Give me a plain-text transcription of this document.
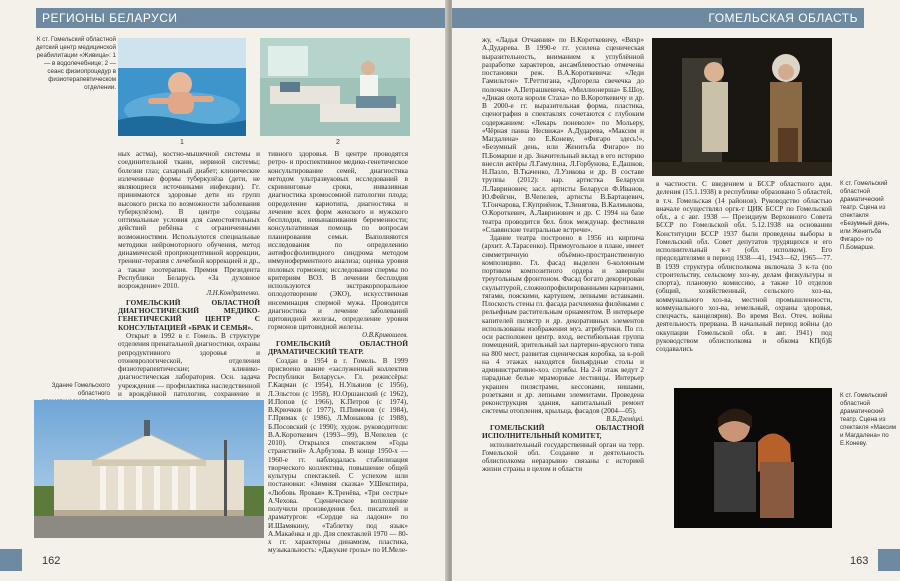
РЕГИОНЫ БЕЛАРУСИ
К ст. Гомельский областной детский центр медицинской реабилитации «Живица»: 1 — в водолечебнице; 2 — сеанс физиопроцедур в физиотерапевтическом отделении.
1	2

ных астма), костно-мышечной системы и соединительной ткани, нервной системы; болезни глаз; сахарный диабет; клинические излеченные формы туберкулёза (дети, не являющиеся источниками инфекции). Гг. принимаются здоровые дети из групп высокого риска по возможности заболевания туберкулёзом). В центре созданы оптимальные условия для самостоятельных действий ребёнка с ограниченными возможностями. Используются специальные методики нейромоторного обучения, метод динамической проприоцептивной коррекции, тренинг-терапия с лечебной коррекцией и др., а также зоотерапия. Премия Президента Республики Беларусь «За духовное возрождение» 2010.

Л.Н.Кондратенко.

ГОМЕЛЬСКИЙ ОБЛАСТНОЙ ДИАГНОСТИЧЕСКИЙ МЕДИКО-ГЕНЕТИЧЕСКИЙ ЦЕНТР С КОНСУЛЬТАЦИЕЙ «БРАК И СЕМЬЯ».

Открыт в 1992 в г. Гомель. В структуре отделения пренатальной диагностики, охраны репродуктивного здоровья и отоневрологической, отделения физиотерапевтические; клинико-диагностическая лаборатория. Осн. задача учреждения — профилактика наследственной и врождённой патологии, сохранение и

тивного здоровья. В центре проводятся ретро- и проспективное медико-генетическое консультирование семей, диагностика методом ультразвуковых исследований в скрининговые сроки, инвазивная диагностика хромосомной патологии плода; определение кариотипа, диагностика и лечение всех форм женского и мужского бесплодия, невынашивания беременности; консультативная помощь по вопросам планирования семьи. Выполняются исследования по определению антифосфолипидного синдрома методом иммуноферментного анализа; оценка уровня половых гормонов; исследования спермы по критериям ВОЗ. В лечении бесплодия используются экстракорпоральное оплодотворение (ЭКО), искусственная инсеминация спермой мужа. Проводится диагностика и лечение заболеваний щитовидной железы, определение уровня гормонов щитовидной железы.

О.В.Кривошеев.

ГОМЕЛЬСКИЙ ОБЛАСТНОЙ ДРАМАТИЧЕСКИЙ ТЕАТР.

Создан в 1954 в г. Гомель. В 1999 присвоено звание «заслуженный коллектив Республики Беларусь». Гл. режиссёры: Г.Кацман (с 1954), Н.Ульянов (с 1956), Л.Эльстон (с 1958), Ю.Оршанский (с 1962), И.Попов (с 1966), К.Петров (с 1974), В.Крючков (с 1977), П.Пименов (с 1984), Г.Примак (с 1986), Л.Монакова (с 1988), Б.Посовский (с 1990); худож. руководители: В.А.Короткевич (1993—99), В.Чепелев (с 2010). Открылся спектаклем «Годы странствий» А.Арбузова. В конце 1950-х — 1960-е гг. наблюдалась стабилизация творческого коллектива, повышение общей культуры спектаклей. С успехом шли постановки: «Зимняя сказка» У.Шекспира, «Любовь Яровая» К.Тренёва, «Три сестры» А.Чехова. Сценическое воплощение получили произведения бел. писателей и драматургов: «Сердце на ладони» по И.Шамякину, «Таблетку под язык» А.Макаёнка и др. Для спектаклей 1970 — 80-х гг. характерны динамизм, пластика, музыкальность: «Дакукие грозы» по И.Меле-

Здание Гомельского областного
162
ГОМЕЛЬСКАЯ ОБЛАСТЬ

жу, «Ладья Отчаяния» по В.Короткевичу, «Вяхр» А.Дударева. В 1990-е гг. усилена сценическая выразительность, вниманием к углублённой разработке характеров, ансамблевостью отмечены постановки реж. В.А.Короткевича: «Леди Гамильтон» Т.Реттиганa, «Догорела свечечка до полочки» А.Петрашкевича, «Миллионерша» Б.Шоу, «Дикая охота короля Стаха» по В.Короткевичу и др. В 2000-е гг. выразительная форма, пластика, сценография в спектаклях сочетаются с глубоким содержанием: «Лекарь поневоле» по Мольеру, «Чёрная панна Несвижа» А.Дударева, «Максим и Магдалена» по Е.Коневу, «Фигаро здесь!», «Безумный день, или Женитьба Фигаро» по П.Бомарше и др. Значительный вклад в его историю внесли актёры Л.Гамулина, Л.Горбунова, Е.Дашков, Н.Пазло, В.Ткаченко, Л.Узикова и др. В составе труппы (2012): нар. артистка Беларуси Л.Лавринович; засл. артисты Беларуси Ф.Иванов, Ю.Фейгин, В.Чепелев, артисты В.Бартацевич, Т.Гончарова, Г.Куприёнок, Т.Зинягова, В.Калмыкова, О.Короткевич, А.Лавринович и др. С 1994 на базе театра проводится бел. блок междунар. фестиваля «Славянские театральные встречи».

Здание театра построено в 1956 из кирпича (архит. А.Тарасенко). Прямоугольное в плане, имеет симметричную объёмно-пространственную композицию. Гл. фасад выделен 6-колонным портиком композитного ордера и завершён треугольным фронтоном. Фасад богато декорирован скульптурой, сложнопрофилированными карнизами, тягами, пояскими, картушем, лепными вставками. Плоскость стены гл. фасада расчленена филёнками с рельефным растительным орнаментом. В интерьере капителей пилястр и др. декоративных элементов использованы изображения муз. атрибутики. По гл. оси расположен центр. вход, вестибюльная группа помещений, зрительный зал партерно-ярусного типа на 800 мест, развитая сценическая коробка, за к-рой на 4 этажах находятся бильярдные столы и административно-хоз. службы. На 2-й этаж ведут 2 парадные белые мраморные лестницы. Интерьер украшен пилястрами, кессонами, нишами, розетками и др. лепными элементами. Проведена реконструкция здания, капитальный ремонт системы отопления, крыльца, фасадов (2004—05).

В.Б.Дземіцкі.

ГОМЕЛЬСКИЙ ОБЛАСТНОЙ ИСПОЛНИТЕЛЬНЫЙ КОМИТЕТ,

исполнительный государственный орган на терр. Гомельской обл. Создание и деятельность облисполкома неразрывно связаны с историей жизни страны в целом и области

К ст. Гомельский областной драматический театр. Сцена из спектакля «Безумный день, или Женитьба Фигаро» по П.Бомарше.

в частности. С введением в БССР областного адм. деления (15.1.1938) в республике образовано 5 областей, в т.ч. Гомельская (14 районов). Руководство областью вначале осуществлял оргк-т ЦИК БССР по Гомельской обл., а с авг. 1938 — Президиум Верховного Совета БССР по Гомельской обл. 5.12.1938 на основании Конституции БССР 1937 были проведены выборы в Гомельский обл. Совет депутатов трудящихся и его исполнительный к-т (обл. исполком). Его председателями в период 1938—41, 1943—62, 1965—77. В 1939 структура облисполкома включала 3 к-та (по строительству, сельскому хоз-ву, делам физкультуры и спорта), плановую комиссию, а также 10 отделов (общий, хозяйственный, сельского хоз-ва, коммунального хоз-ва, местной промышленности, коммунального хоз-ва, земельный, охраны здоровья, спецчасть, канцелярия). Во время Вел. Отеч. войны деятельность прервана. В начальный период войны (до оккупации Гомельской обл. в авг. 1941) под руководством облисполкома и обкома КП(б)Б создавались

К ст. Гомельский областной драматический театр. Сцена из спектакля «Максим и Магдалена» по Е.Коневу.
163
